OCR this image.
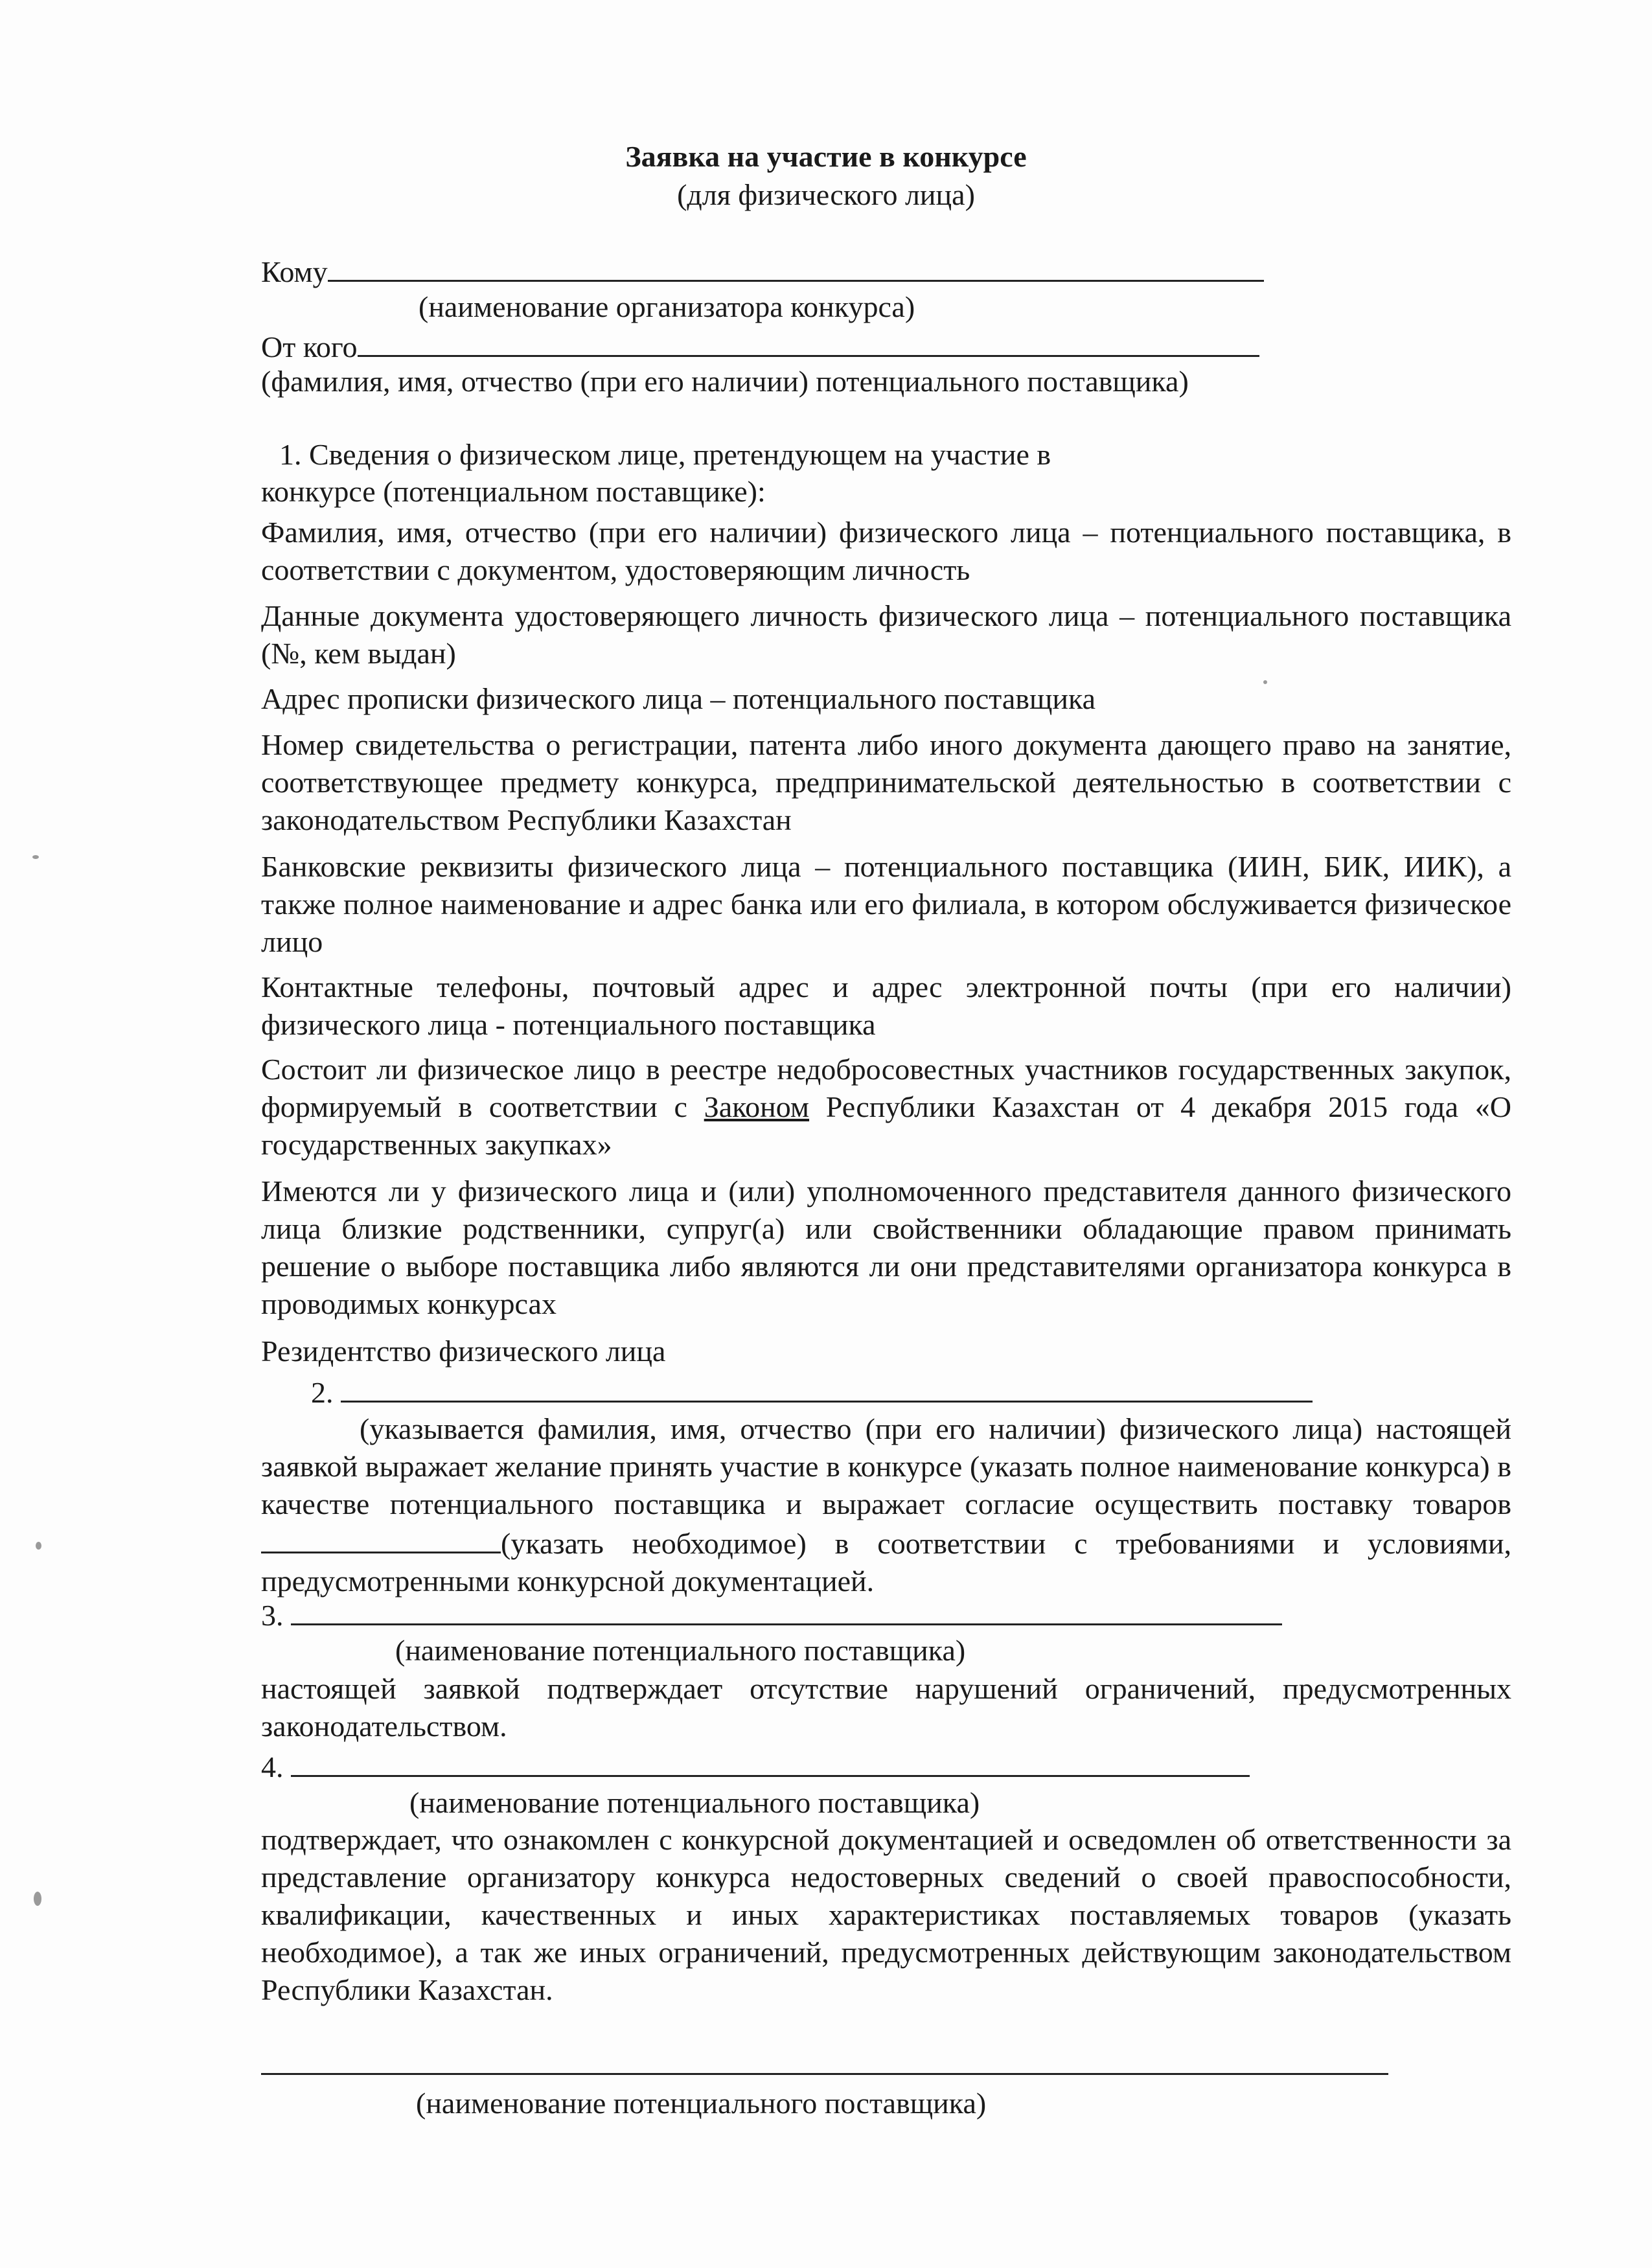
Заявка на участие в конкурсе
(для физического лица)
Кому
(наименование организатора конкурса)
От кого
(фамилия, имя, отчество (при его наличии) потенциального поставщика)
1. Сведения о физическом лице, претендующем на участие в
конкурсе (потенциальном поставщике):
Фамилия, имя, отчество (при его наличии) физического лица – потенциального поставщика, в соответствии с документом, удостоверяющим личность
Данные документа удостоверяющего личность физического лица – потенциального поставщика (№, кем выдан)
Адрес прописки физического лица – потенциального поставщика
Номер свидетельства о регистрации, патента либо иного документа дающего право на занятие, соответствующее предмету конкурса, предпринимательской деятельностью в соответствии с законодательством Республики Казахстан
Банковские реквизиты физического лица – потенциального поставщика (ИИН, БИК, ИИК), а также полное наименование и адрес банка или его филиала, в котором обслуживается физическое лицо
Контактные телефоны, почтовый адрес и адрес электронной почты (при его наличии) физического лица - потенциального поставщика
Состоит ли физическое лицо в реестре недобросовестных участников государственных закупок, формируемый в соответствии с Законом Республики Казахстан от 4 декабря 2015 года «О государственных закупках»
Имеются ли у физического лица и (или) уполномоченного представителя данного физического лица близкие родственники, супруг(а) или свойственники обладающие правом принимать решение о выборе поставщика либо являются ли они представителями организатора конкурса в проводимых конкурсах
Резидентство физического лица
2.
(указывается фамилия, имя, отчество (при его наличии) физического лица) настоящей заявкой выражает желание принять участие в конкурсе (указать полное наименование конкурса) в качестве потенциального поставщика и выражает согласие осуществить поставку товаров (указать необходимое) в соответствии с требованиями и условиями, предусмотренными конкурсной документацией.
3.
(наименование потенциального поставщика)
настоящей заявкой подтверждает отсутствие нарушений ограничений, предусмотренных законодательством.
4.
(наименование потенциального поставщика)
подтверждает, что ознакомлен с конкурсной документацией и осведомлен об ответственности за представление организатору конкурса недостоверных сведений о своей правоспособности, квалификации, качественных и иных характеристиках поставляемых товаров (указать необходимое), а так же иных ограничений, предусмотренных действующим законодательством Республики Казахстан.
(наименование потенциального поставщика)
